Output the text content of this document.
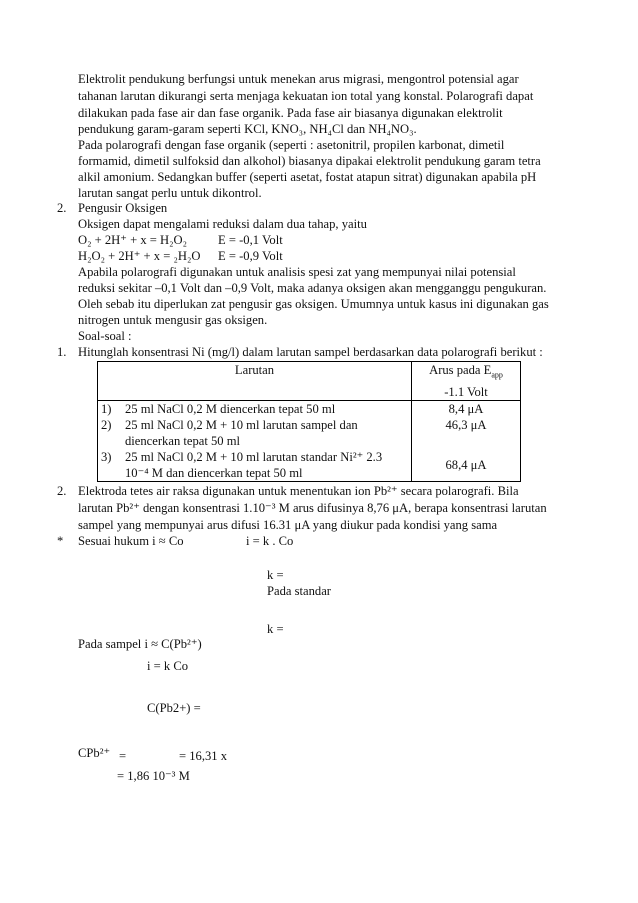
Elektrolit pendukung berfungsi untuk menekan arus migrasi, mengontrol potensial agar
tahanan larutan dikurangi serta menjaga kekuatan ion total yang konstal. Polarografi dapat
dilakukan pada fase air dan fase organik. Pada fase air biasanya digunakan elektrolit
pendukung garam-garam seperti KCl, KNO₃, NH₄Cl dan NH₄NO₃.
Pada polarografi dengan fase organik (seperti : asetonitril, propilen karbonat, dimetil
formamid, dimetil sulfoksid dan alkohol) biasanya dipakai elektrolit pendukung garam tetra
alkil amonium. Sedangkan buffer (seperti asetat, fostat atapun sitrat) digunakan apabila pH
larutan sangat perlu untuk dikontrol.
2. Pengusir Oksigen
Oksigen dapat mengalami reduksi dalam dua tahap, yaitu
O₂ + 2H⁺ + x = H₂O₂ E = -0,1 Volt
H₂O₂ + 2H⁺ + x = ₂H₂O E = -0,9 Volt
Apabila polarografi digunakan untuk analisis spesi zat yang mempunyai nilai potensial
reduksi sekitar –0,1 Volt dan –0,9 Volt, maka adanya oksigen akan mengganggu pengukuran.
Oleh sebab itu diperlukan zat pengusir gas oksigen. Umumnya untuk kasus ini digunakan gas
nitrogen untuk mengusir gas oksigen.
Soal-soal :
1. Hitunglah konsentrasi Ni (mg/l) dalam larutan sampel berdasarkan data polarografi berikut :
Larutan		Arus pada $E_{app}$
-1.1 Volt

1)	25 ml NaCl 0,2 M diencerkan tepat 50 ml	8,4 μA
2)	25 ml NaCl 0,2 M + 10 ml larutan sampel dan
diencerkan tepat 50 ml	46,3 μA
3)	25 ml NaCl 0,2 M + 10 ml larutan standar Ni²⁺ 2.3
10⁻⁴ M dan diencerkan tepat 50 ml	68,4 μA
2. Elektroda tetes air raksa digunakan untuk menentukan ion Pb²⁺ secara polarografi. Bila
larutan Pb²⁺ dengan konsentrasi 1.10⁻³ M arus difusinya 8,76 μA, berapa konsentrasi larutan
sampel yang mempunyai arus difusi 16.31 μA yang diukur pada kondisi yang sama
* Sesuai hukum i ≈ Co	i = k . Co
k =
Pada standar
k =
Pada sampel i ≈ C(Pb²⁺)
i = k Co
C(Pb2+) =
CPb²⁺ =	= 16,31 x
= 1,86 10⁻³ M
